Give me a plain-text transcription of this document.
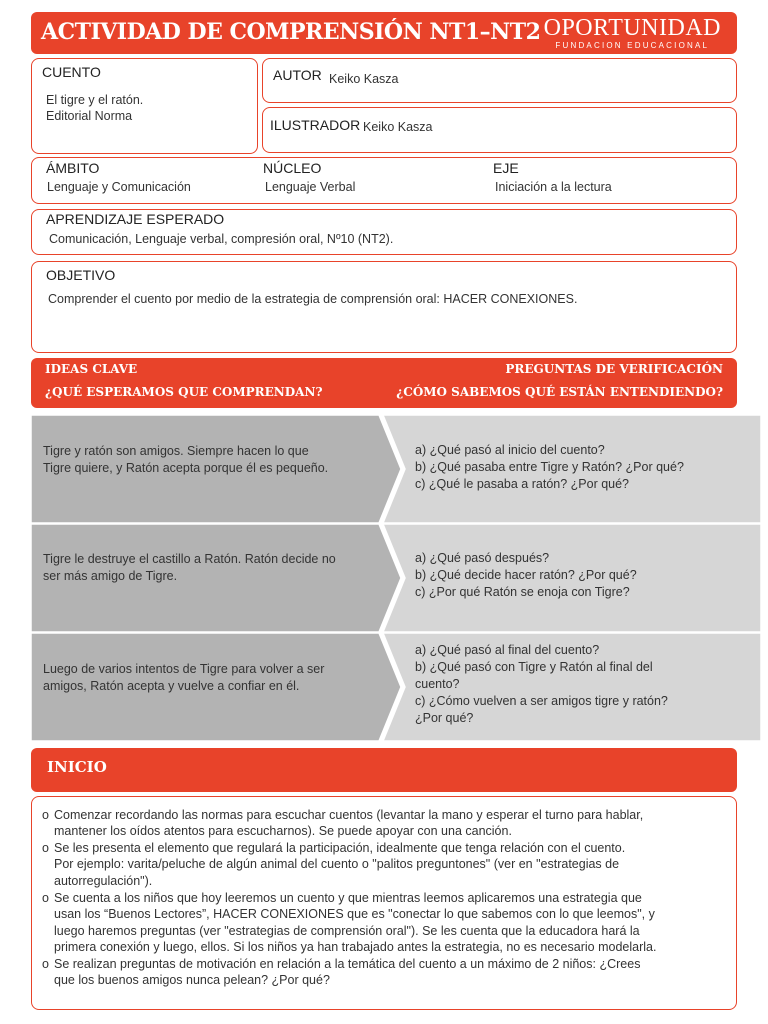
ACTIVIDAD DE COMPRENSIÓN NT1–NT2 OPORTUNIDAD
FUNDACION EDUCACIONAL
CUENTO
El tigre y el ratón.
Editorial Norma
AUTOR Keiko Kasza
ILUSTRADOR Keiko Kasza
ÁMBITO
Lenguaje y Comunicación
NÚCLEO
Lenguaje Verbal
EJE
Iniciación a la lectura
APRENDIZAJE ESPERADO
Comunicación, Lenguaje verbal, compresión oral, Nº10 (NT2).
OBJETIVO
Comprender el cuento por medio de la estrategia de comprensión oral: HACER CONEXIONES.
IDEAS CLAVE
¿QUÉ ESPERAMOS QUE COMPRENDAN?
PREGUNTAS DE VERIFICACIÓN
¿CÓMO SABEMOS QUÉ ESTÁN ENTENDIENDO?
Tigre y ratón son amigos. Siempre hacen lo que
Tigre quiere, y Ratón acepta porque él es pequeño.
a) ¿Qué pasó al inicio del cuento?
b) ¿Qué pasaba entre Tigre y Ratón? ¿Por qué?
c) ¿Qué le pasaba a ratón? ¿Por qué?
Tigre le destruye el castillo a Ratón. Ratón decide no
ser más amigo de Tigre.
a) ¿Qué pasó después?
b) ¿Qué decide hacer ratón? ¿Por qué?
c) ¿Por qué Ratón se enoja con Tigre?
Luego de varios intentos de Tigre para volver a ser
amigos, Ratón acepta y vuelve a confiar en él.
a) ¿Qué pasó al final del cuento?
b) ¿Qué pasó con Tigre y Ratón al final del
cuento?
c) ¿Cómo vuelven a ser amigos tigre y ratón?
¿Por qué?
INICIO
o Comenzar recordando las normas para escuchar cuentos (levantar la mano y esperar el turno para hablar,
mantener los oídos atentos para escucharnos). Se puede apoyar con una canción.
o Se les presenta el elemento que regulará la participación, idealmente que tenga relación con el cuento.
Por ejemplo: varita/peluche de algún animal del cuento o "palitos preguntones" (ver en "estrategias de
autorregulación").
o Se cuenta a los niños que hoy leeremos un cuento y que mientras leemos aplicaremos una estrategia que
usan los “Buenos Lectores”, HACER CONEXIONES que es "conectar lo que sabemos con lo que leemos", y
luego haremos preguntas (ver "estrategias de comprensión oral"). Se les cuenta que la educadora hará la
primera conexión y luego, ellos. Si los niños ya han trabajado antes la estrategia, no es necesario modelarla.
o Se realizan preguntas de motivación en relación a la temática del cuento a un máximo de 2 niños: ¿Crees
que los buenos amigos nunca pelean? ¿Por qué?
